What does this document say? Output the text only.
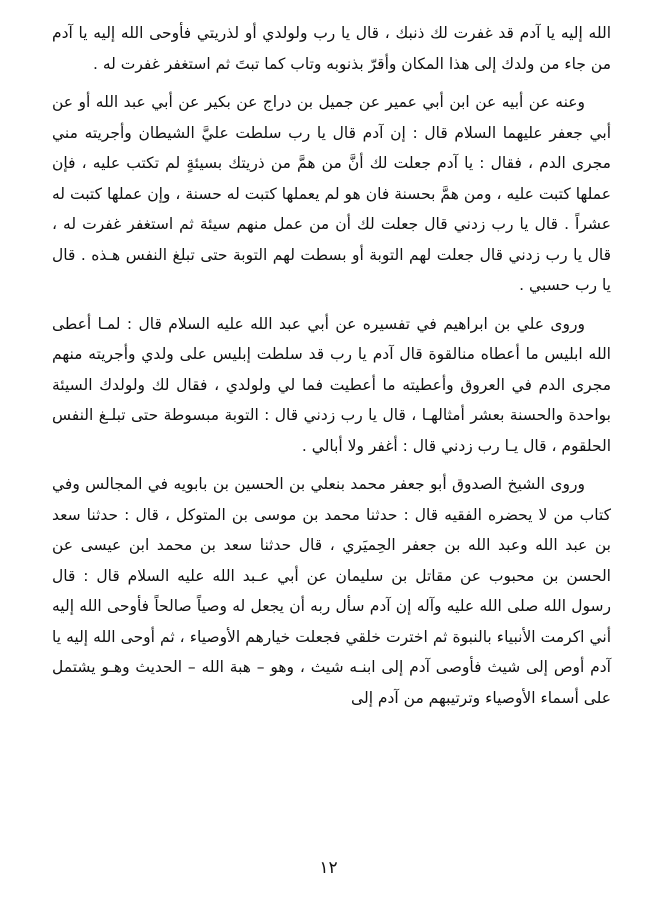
الله إليه يا آدم قد غفرت لك ذنبك ، قال يا رب ولولدي أو لذريتي فأوحى الله إليه يا آدم من جاء من ولدك إلى هذا المكان وأقرّ بذنوبه وتاب كما تبتَ ثم استغفر غفرت له .

وعنه عن أبيه عن ابن أبي عمير عن جميل بن دراج عن بكير عن أبي عبد الله أو عن أبي جعفر عليهما السلام قال : إن آدم قال يا رب سلطت عليَّ الشيطان وأجريته مني مجرى الدم ، فقال : يا آدم جعلت لك أنَّ من همَّ من ذريتك بسيئةٍ لم تكتب عليه ، فإن عملها كتبت عليه ، ومن همَّ بحسنة فان هو لم يعملها كتبت له حسنة ، وإن عملها كتبت له عشراً . قال يا رب زدني قال جعلت لك أن من عمل منهم سيئة ثم استغفر غفرت له ، قال يا رب زدني قال جعلت لهم التوبة أو بسطت لهم التوبة حتى تبلغ النفس هـذه . قال يا رب حسبي .

وروى علي بن ابراهيم في تفسيره عن أبي عبد الله عليه السلام قال : لمـا أعطى الله ابليس ما أعطاه منالقوة قال آدم يا رب قد سلطت إبليس على ولدي وأجريته منهم مجرى الدم في العروق وأعطيته ما أعطيت فما لي ولولدي ، فقال لك ولولدك السيئة بواحدة والحسنة بعشر أمثالهـا ، قال يا رب زدني قال : التوبة مبسوطة حتى تبلـغ النفس الحلقوم ، قال يـا رب زدني قال : أغفر ولا أبالي .

وروى الشيخ الصدوق أبو جعفر محمد بنعلي بن الحسين بن بابويه في المجالس وفي كتاب من لا يحضره الفقيه قال : حدثنا محمد بن موسى بن المتوكل ، قال : حدثنا سعد بن عبد الله وعبد الله بن جعفر الحِميَري ، قال حدثنا سعد بن محمد ابن عيسى عن الحسن بن محبوب عن مقاتل بن سليمان عن أبي عـبد الله عليه السلام قال : قال رسول الله صلى الله عليه وآله إن آدم سأل ربه أن يجعل له وصياً صالحاً فأوحى الله إليه أني اكرمت الأنبياء بالنبوة ثم اخترت خلقي فجعلت خيارهم الأوصياء ، ثم أوحى الله إليه يا آدم أوص إلى شيث فأوصى آدم إلى ابنـه شيث ، وهو – هبة الله – الحديث وهـو يشتمل على أسماء الأوصياء وترتيبهم من آدم إلى

١٢
